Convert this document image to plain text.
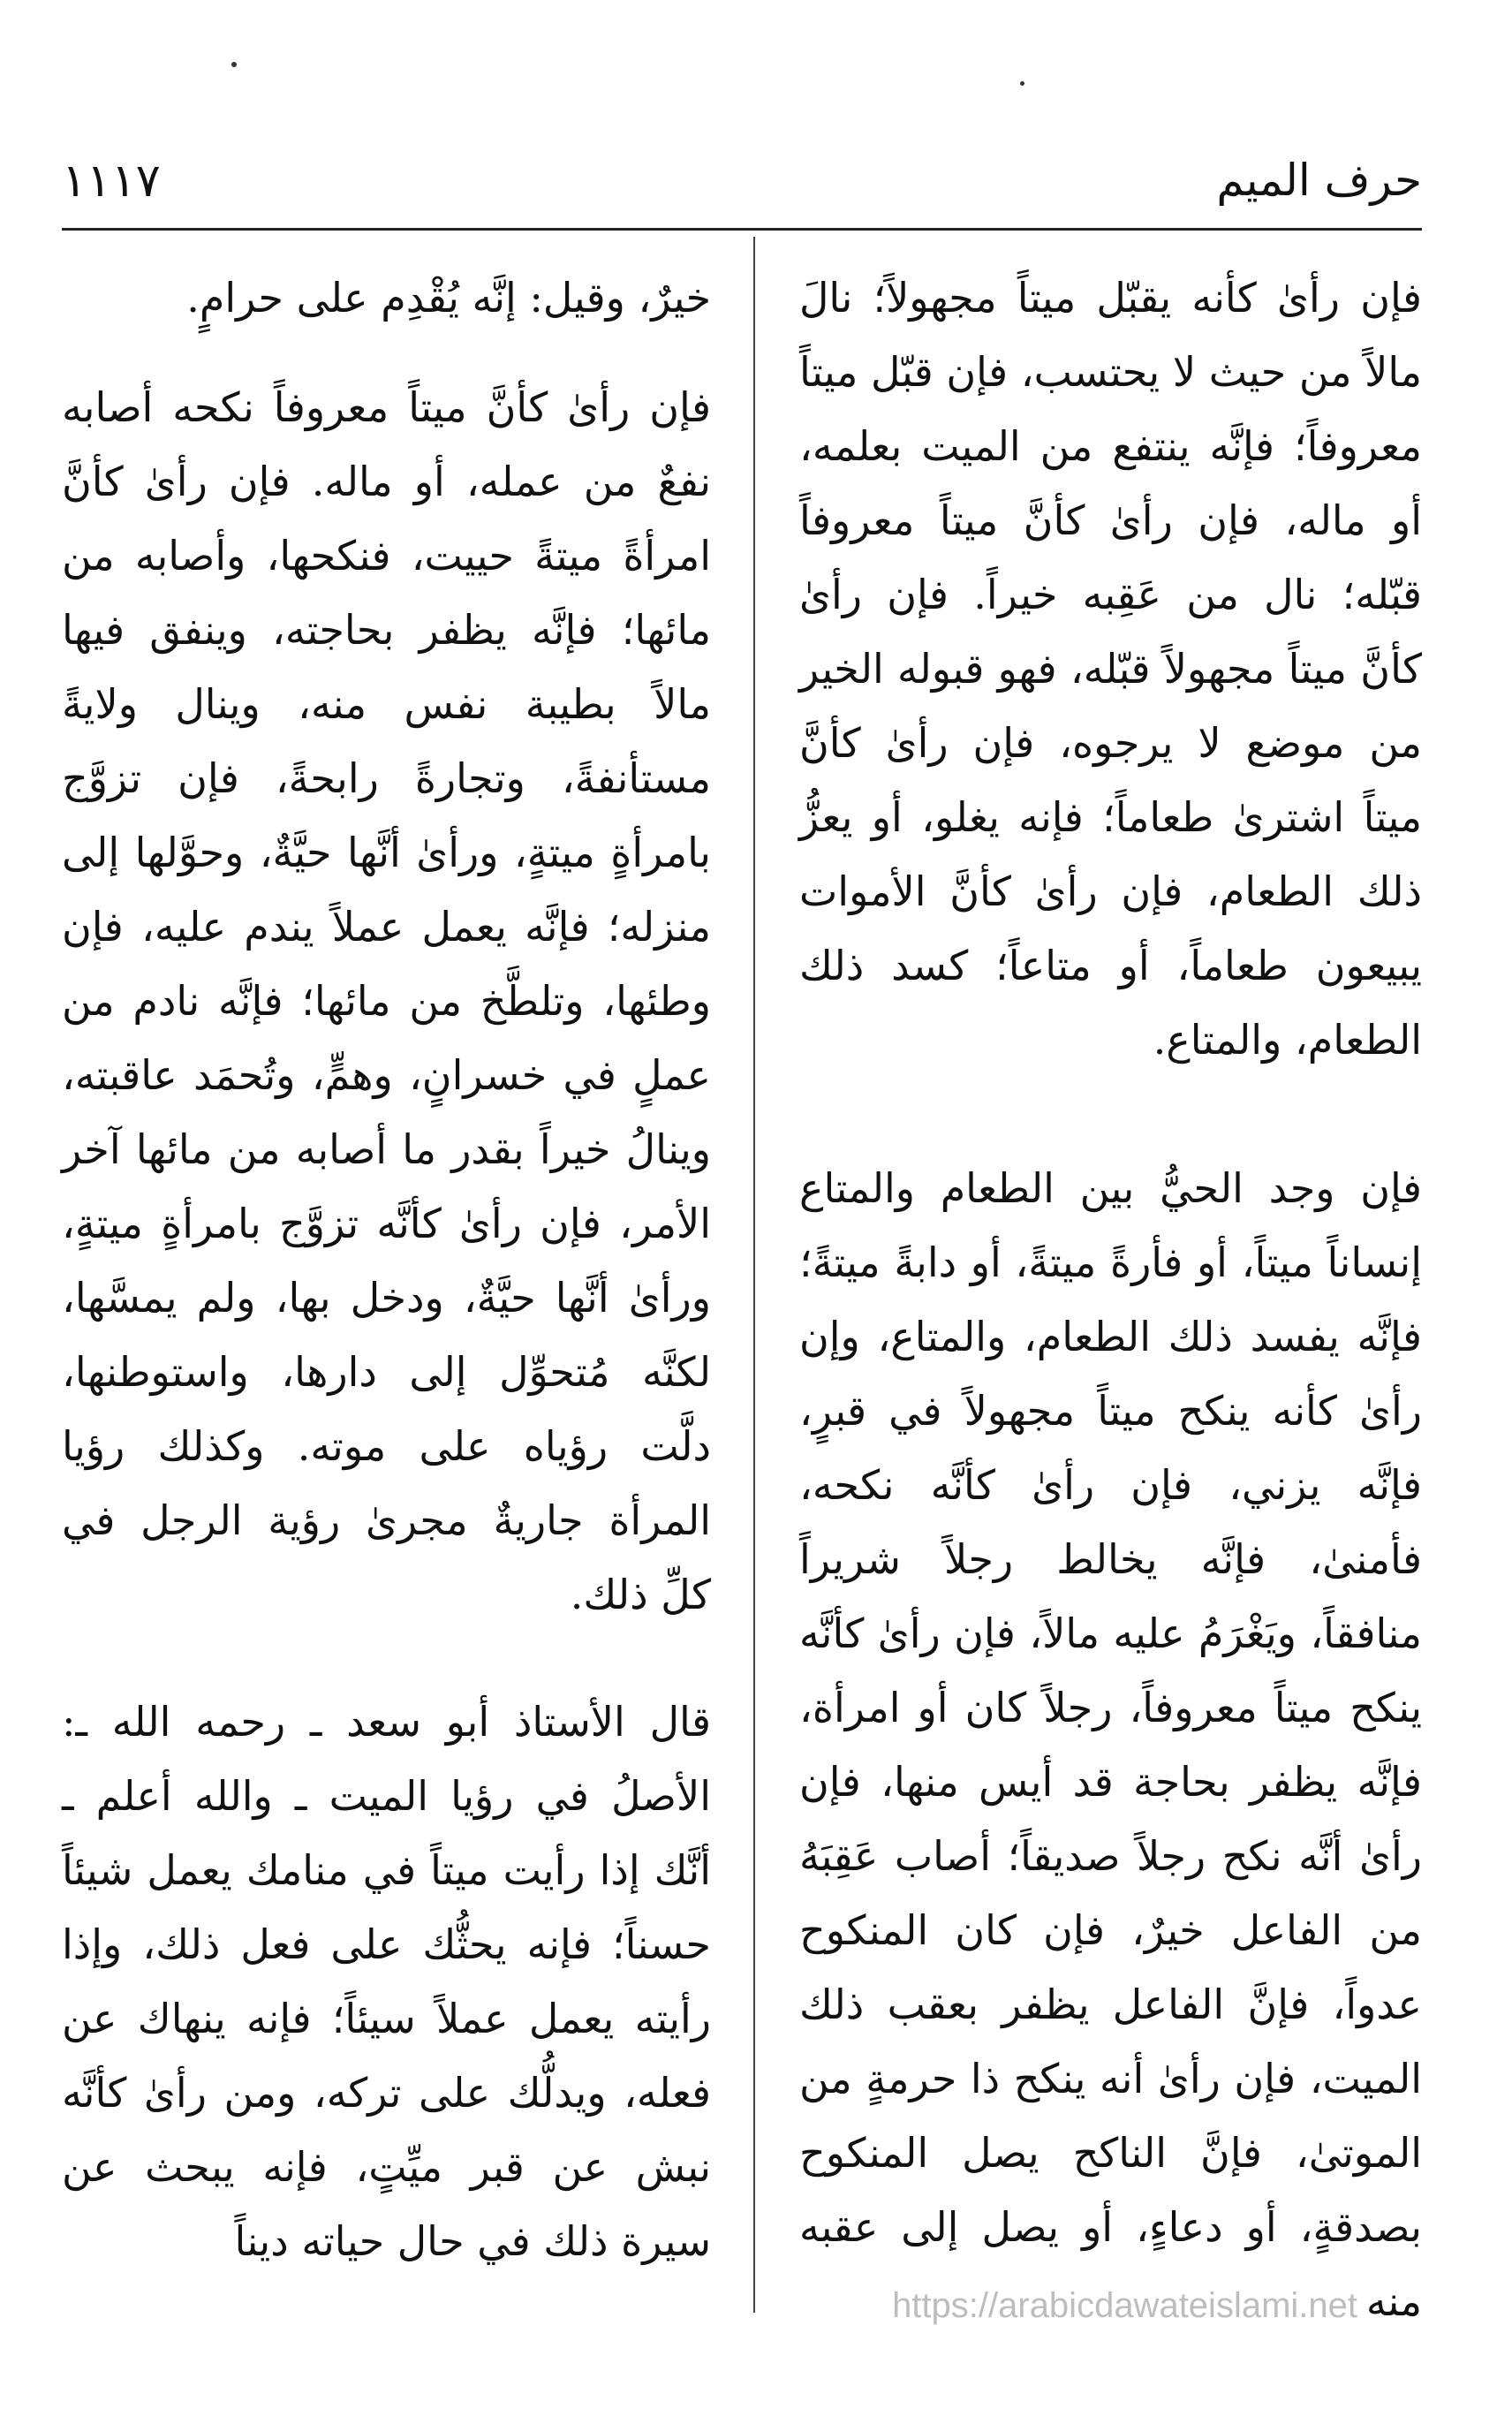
١١١٧	حرف الميم

فإن رأىٰ كأنه يقبّل ميتاً مجهولاً؛ نالَ مالاً من حيث لا يحتسب، فإن قبّل ميتاً معروفاً؛ فإنَّه ينتفع من الميت بعلمه، أو ماله، فإن رأىٰ كأنَّ ميتاً معروفاً قبّله؛ نال من عَقِبه خيراً. فإن رأىٰ كأنَّ ميتاً مجهولاً قبّله، فهو قبوله الخير من موضع لا يرجوه، فإن رأىٰ كأنَّ ميتاً اشترىٰ طعاماً؛ فإنه يغلو، أو يعزُّ ذلك الطعام، فإن رأىٰ كأنَّ الأموات يبيعون طعاماً، أو متاعاً؛ كسد ذلك الطعام، والمتاع.

فإن وجد الحيُّ بين الطعام والمتاع إنساناً ميتاً، أو فأرةً ميتةً، أو دابةً ميتةً؛ فإنَّه يفسد ذلك الطعام، والمتاع، وإن رأىٰ كأنه ينكح ميتاً مجهولاً في قبرٍ، فإنَّه يزني، فإن رأىٰ كأنَّه نكحه، فأمنىٰ، فإنَّه يخالط رجلاً شريراً منافقاً، ويَغْرَمُ عليه مالاً، فإن رأىٰ كأنَّه ينكح ميتاً معروفاً، رجلاً كان أو امرأة، فإنَّه يظفر بحاجة قد أيس منها، فإن رأىٰ أنَّه نكح رجلاً صديقاً؛ أصاب عَقِبَهُ من الفاعل خيرٌ، فإن كان المنكوح عدواً، فإنَّ الفاعل يظفر بعقب ذلك الميت، فإن رأىٰ أنه ينكح ذا حرمةٍ من الموتىٰ، فإنَّ الناكح يصل المنكوح بصدقةٍ، أو دعاءٍ، أو يصل إلى عقبه منه

خيرٌ، وقيل: إنَّه يُقْدِم على حرامٍ.

فإن رأىٰ كأنَّ ميتاً معروفاً نكحه أصابه نفعٌ من عمله، أو ماله. فإن رأىٰ كأنَّ امرأةً ميتةً حييت، فنكحها، وأصابه من مائها؛ فإنَّه يظفر بحاجته، وينفق فيها مالاً بطيبة نفس منه، وينال ولايةً مستأنفةً، وتجارةً رابحةً، فإن تزوَّج بامرأةٍ ميتةٍ، ورأىٰ أنَّها حيَّةٌ، وحوَّلها إلى منزله؛ فإنَّه يعمل عملاً يندم عليه، فإن وطئها، وتلطَّخ من مائها؛ فإنَّه نادم من عملٍ في خسرانٍ، وهمٍّ، وتُحمَد عاقبته، وينالُ خيراً بقدر ما أصابه من مائها آخر الأمر، فإن رأىٰ كأنَّه تزوَّج بامرأةٍ ميتةٍ، ورأىٰ أنَّها حيَّةٌ، ودخل بها، ولم يمسَّها، لكنَّه مُتحوِّل إلى دارها، واستوطنها، دلَّت رؤياه على موته. وكذلك رؤيا المرأة جاريةٌ مجرىٰ رؤية الرجل في كلِّ ذلك.

قال الأستاذ أبو سعد ـ رحمه الله ـ: الأصلُ في رؤيا الميت ـ والله أعلم ـ أنَّك إذا رأيت ميتاً في منامك يعمل شيئاً حسناً؛ فإنه يحثُّك على فعل ذلك، وإذا رأيته يعمل عملاً سيئاً؛ فإنه ينهاك عن فعله، ويدلُّك على تركه، ومن رأىٰ كأنَّه نبش عن قبر ميِّتٍ، فإنه يبحث عن سيرة ذلك في حال حياته ديناً

https://arabicdawateislami.net
